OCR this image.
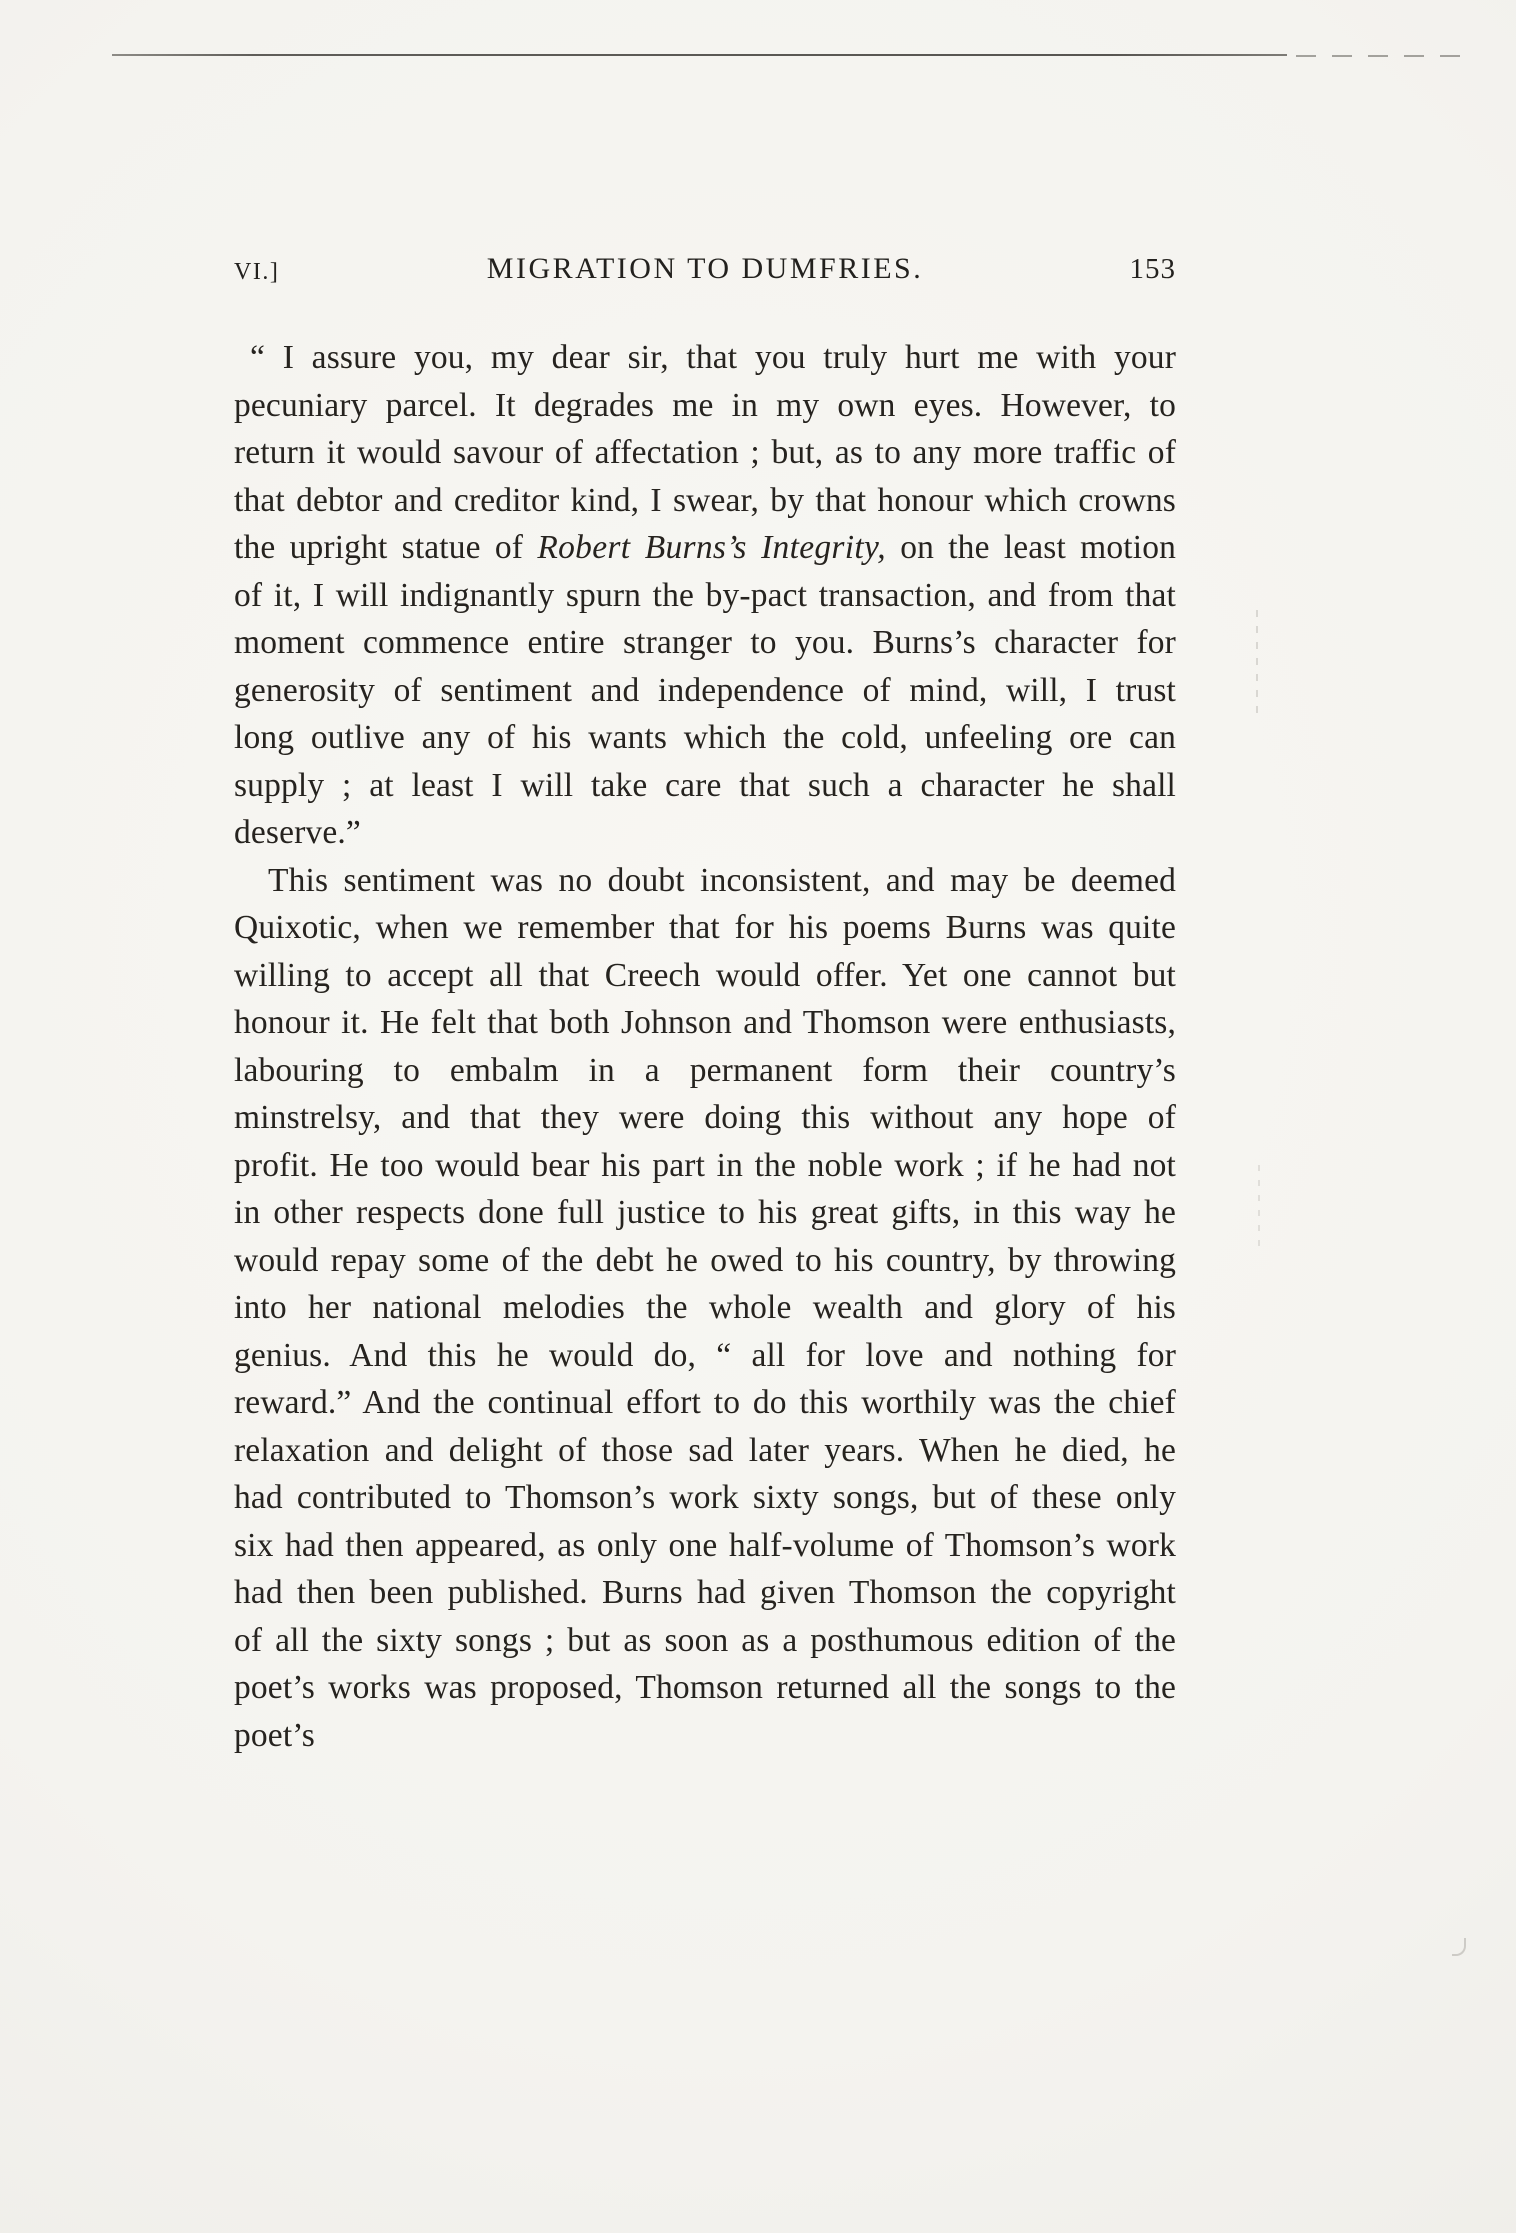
VI.]	MIGRATION TO DUMFRIES.	153

“ I assure you, my dear sir, that you truly hurt me with your pecuniary parcel. It degrades me in my own eyes. However, to return it would savour of affectation ; but, as to any more traffic of that debtor and creditor kind, I swear, by that honour which crowns the upright statue of Robert Burns’s Integrity, on the least motion of it, I will indignantly spurn the by-pact transaction, and from that moment commence entire stranger to you. Burns’s character for generosity of sentiment and independence of mind, will, I trust long outlive any of his wants which the cold, unfeeling ore can supply ; at least I will take care that such a character he shall deserve.”

This sentiment was no doubt inconsistent, and may be deemed Quixotic, when we remember that for his poems Burns was quite willing to accept all that Creech would offer. Yet one cannot but honour it. He felt that both Johnson and Thomson were enthusiasts, labouring to embalm in a permanent form their country’s minstrelsy, and that they were doing this without any hope of profit. He too would bear his part in the noble work ; if he had not in other respects done full justice to his great gifts, in this way he would repay some of the debt he owed to his country, by throwing into her national melodies the whole wealth and glory of his genius. And this he would do, “ all for love and nothing for reward.” And the continual effort to do this worthily was the chief relaxation and delight of those sad later years. When he died, he had contributed to Thomson’s work sixty songs, but of these only six had then appeared, as only one half-volume of Thomson’s work had then been published. Burns had given Thomson the copyright of all the sixty songs ; but as soon as a posthumous edition of the poet’s works was proposed, Thomson returned all the songs to the poet’s
